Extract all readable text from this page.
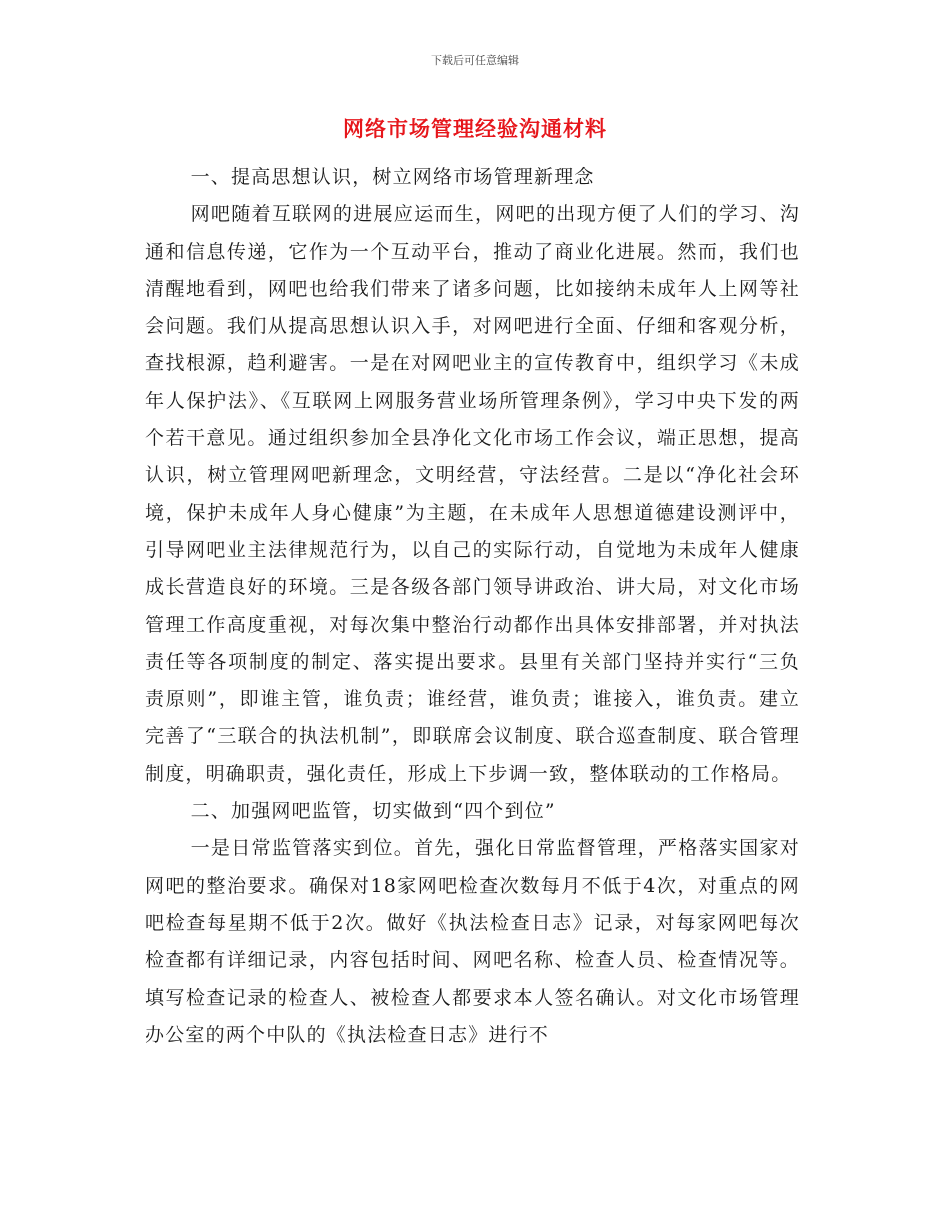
下载后可任意编辑
网络市场管理经验沟通材料

一、提高思想认识，树立网络市场管理新理念

网吧随着互联网的进展应运而生，网吧的出现方便了人们的学习、沟通和信息传递，它作为一个互动平台，推动了商业化进展。然而，我们也清醒地看到，网吧也给我们带来了诸多问题，比如接纳未成年人上网等社会问题。我们从提高思想认识入手，对网吧进行全面、仔细和客观分析，查找根源，趋利避害。一是在对网吧业主的宣传教育中，组织学习《未成年人保护法》、《互联网上网服务营业场所管理条例》，学习中央下发的两个若干意见。通过组织参加全县净化文化市场工作会议，端正思想，提高认识，树立管理网吧新理念，文明经营，守法经营。二是以“净化社会环境，保护未成年人身心健康”为主题，在未成年人思想道德建设测评中，引导网吧业主法律规范行为，以自己的实际行动，自觉地为未成年人健康成长营造良好的环境。三是各级各部门领导讲政治、讲大局，对文化市场管理工作高度重视，对每次集中整治行动都作出具体安排部署，并对执法责任等各项制度的制定、落实提出要求。县里有关部门坚持并实行“三负责原则”，即谁主管，谁负责；谁经营，谁负责；谁接入，谁负责。建立完善了“三联合的执法机制”，即联席会议制度、联合巡查制度、联合管理制度，明确职责，强化责任，形成上下步调一致，整体联动的工作格局。

二、加强网吧监管，切实做到“四个到位”

一是日常监管落实到位。首先，强化日常监督管理，严格落实国家对网吧的整治要求。确保对18家网吧检查次数每月不低于4次，对重点的网吧检查每星期不低于2次。做好《执法检查日志》记录，对每家网吧每次检查都有详细记录，内容包括时间、网吧名称、检查人员、检查情况等。填写检查记录的检查人、被检查人都要求本人签名确认。对文化市场管理办公室的两个中队的《执法检查日志》进行不
